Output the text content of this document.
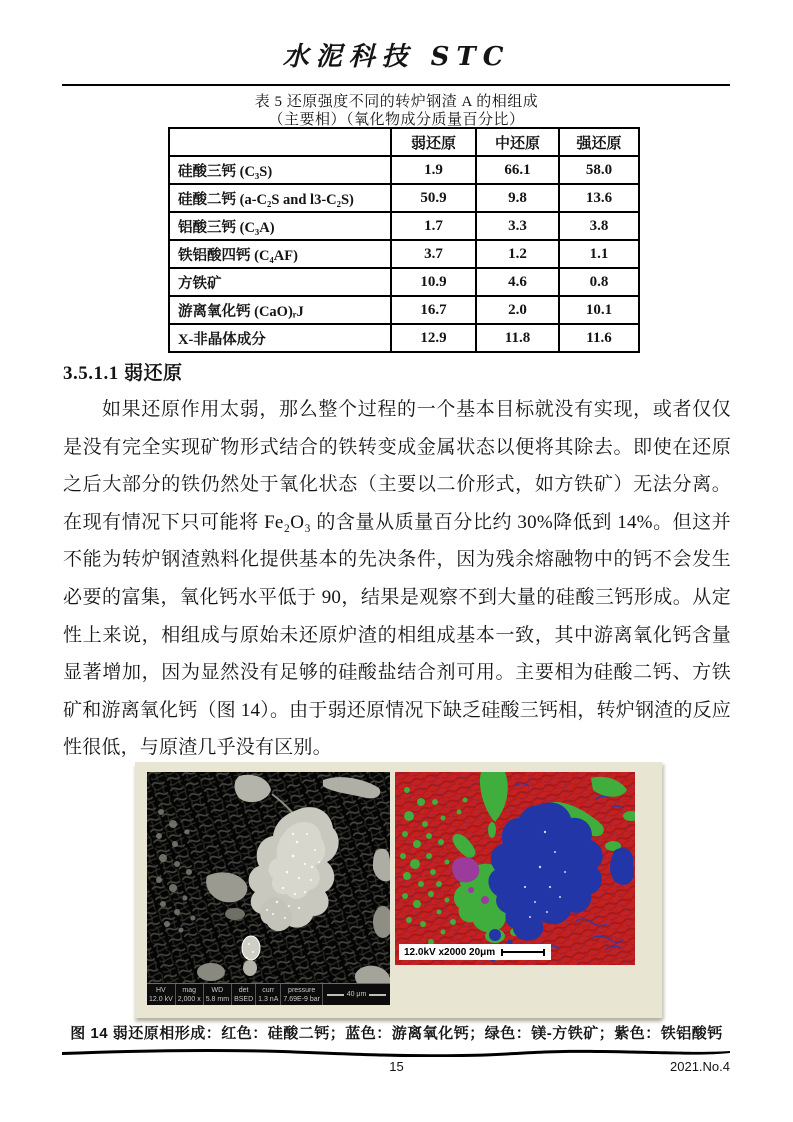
水泥科技 STC
表 5 还原强度不同的转炉钢渣 A 的相组成
（主要相）（氧化物成分质量百分比）
	弱还原	中还原	强还原
硅酸三钙 (C₃S)	1.9	66.1	58.0
硅酸二钙 (a-C₂S and l3-C₂S)	50.9	9.8	13.6
铝酸三钙 (C₃A)	1.7	3.3	3.8
铁铝酸四钙 (C₄AF)	3.7	1.2	1.1
方铁矿	10.9	4.6	0.8
游离氧化钙 (CaO)ᵣJ	16.7	2.0	10.1
X-非晶体成分	12.9	11.8	11.6
3.5.1.1 弱还原
如果还原作用太弱，那么整个过程的一个基本目标就没有实现，或者仅仅是没有完全实现矿物形式结合的铁转变成金属状态以便将其除去。即使在还原之后大部分的铁仍然处于氧化状态（主要以二价形式，如方铁矿）无法分离。在现有情况下只可能将 Fe₂O₃ 的含量从质量百分比约 30%降低到 14%。但这并不能为转炉钢渣熟料化提供基本的先决条件，因为残余熔融物中的钙不会发生必要的富集，氧化钙水平低于 90，结果是观察不到大量的硅酸三钙形成。从定性上来说，相组成与原始未还原炉渣的相组成基本一致，其中游离氧化钙含量显著增加，因为显然没有足够的硅酸盐结合剂可用。主要相为硅酸二钙、方铁矿和游离氧化钙（图 14）。由于弱还原情况下缺乏硅酸三钙相，转炉钢渣的反应性很低，与原渣几乎没有区别。
HV
12.0 kV
mag
2,000 x
WD
5.8 mm
det
BSED
curr
1.3 nA
pressure
7.69E-9 bar
40 μm
12.0kV x2000 20μm
图 14 弱还原相形成：红色：硅酸二钙；蓝色：游离氧化钙；绿色：镁-方铁矿；紫色：铁铝酸钙
15	2021.No.4
